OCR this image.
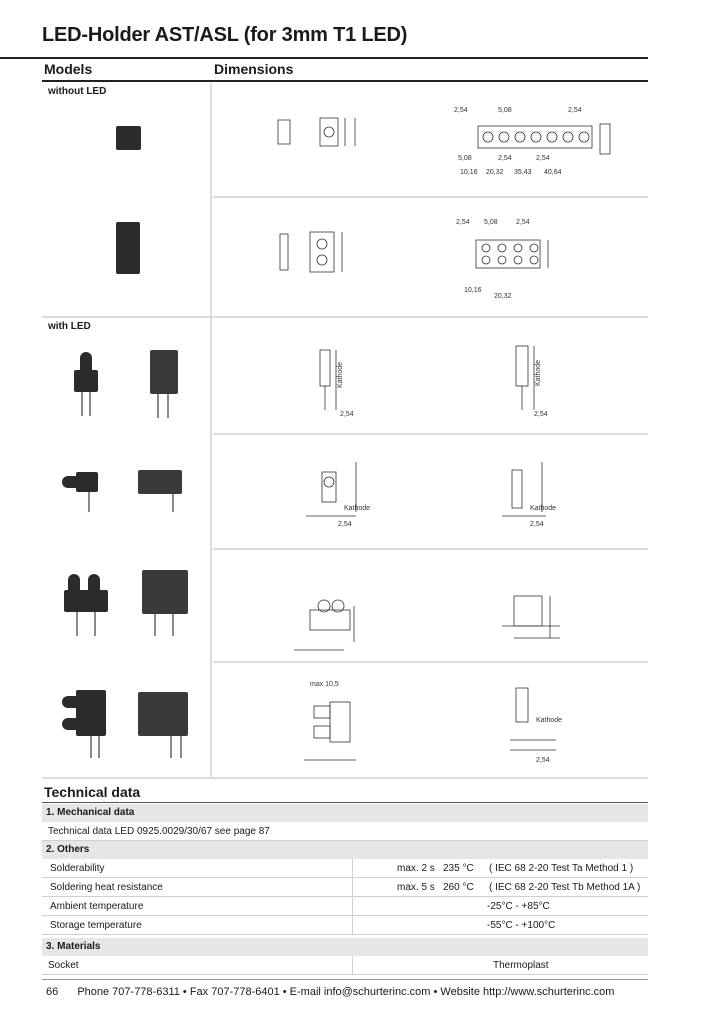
LED-Holder AST/ASL (for 3mm T1 LED)
Models	Dimensions
without LED
with LED
2,54	5,08	2,54
5,08	2,54	2,54
10,16 20,32 35,43 40,64
2,54 5,08	2,54
10,16
20,32
Kathode
2,54
Kathode
2,54
Kathode
2,54
Kathode
2,54
max 10,5
Kathode
2,54
Technical data
1. Mechanical data
Technical data LED 0925.0029/30/67 see page 87
2. Others
Solderability	max. 2 s 235 °C ( IEC 68 2-20 Test Ta Method 1 )
Soldering heat resistance	max. 5 s 260 °C ( IEC 68 2-20 Test Tb Method 1A )
Ambient temperature	-25°C - +85°C
Storage temperature	-55°C - +100°C
3. Materials
Socket	Thermoplast
66 Phone 707-778-6311 • Fax 707-778-6401 • E-mail info@schurterinc.com • Website http://www.schurterinc.com
